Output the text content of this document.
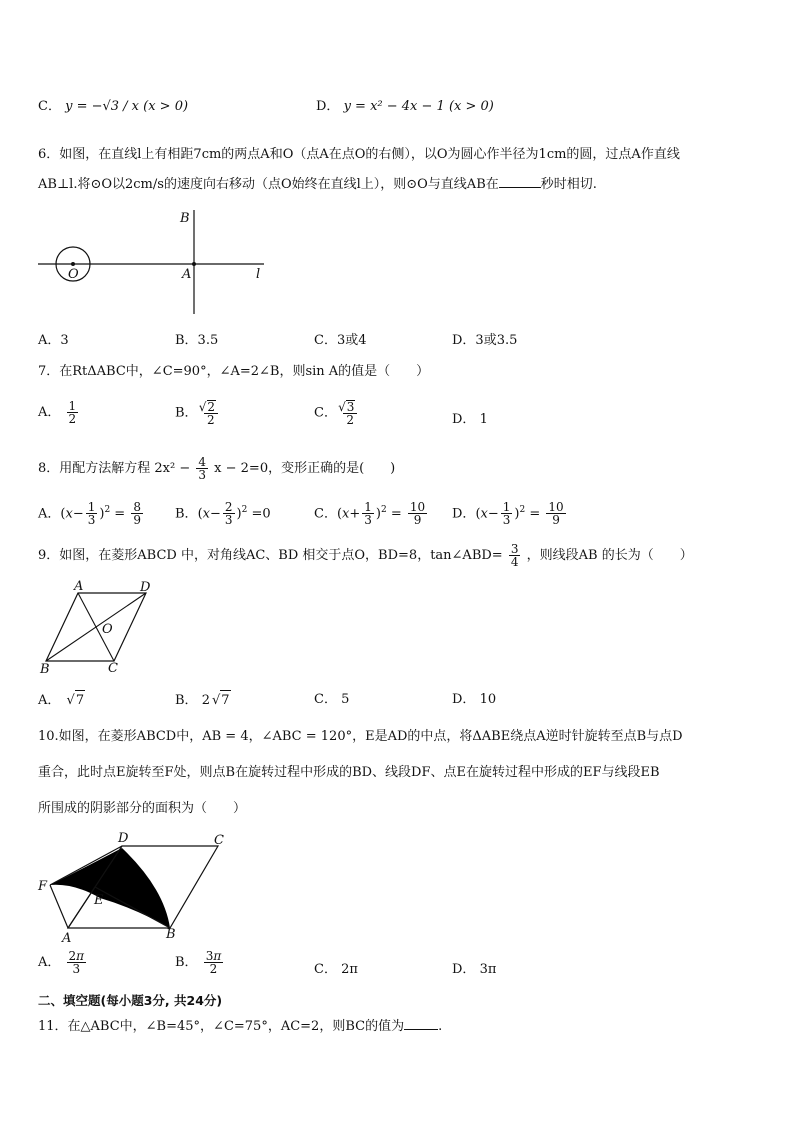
C． y = −√3 / x (x > 0)	D． y = x² − 4x − 1 (x > 0)
6．如图，在直线l上有相距7cm的两点A和O（点A在点O的右侧），以O为圆心作半径为1cm的圆，过点A作直线
AB⊥l.将⊙O以2cm/s的速度向右移动（点O始终在直线l上），则⊙O与直线AB在	秒时相切.
B
O	A	l
A．3	B．3.5	C．3或4	D．3或3.5
7．在RtΔABC中，∠C=90°，∠A=2∠B，则sin A的值是（　　）
A． $\frac{1}{2}$	B． √ $\frac{2}{2}$	C． √ $\frac{3}{2}$	D． 1
8．用配方法解方程 $2x^2 - \frac{4}{3}$ x − 2=0，变形正确的是(　　)
A．$(x- \frac{1}{3} )^2 = \frac{8}{9}$ B．$(x- \frac{2}{3} )^2 =0$	C．$(x+ \frac{1}{3} )^2 = \frac{10}{9}$ D．$(x- \frac{1}{3} )^2 = \frac{10}{9}$
9．如图，在菱形ABCD 中，对角线AC、BD 相交于点O，BD=8，tan∠ABD= $\frac{3}{4}$ ，则线段AB 的长为（　　）
A	D
O
B	C
A． √ 7	B． 2 √ 7	C． 5	D． 10
10.如图，在菱形ABCD中，AB = 4，∠ABC = 120°，E是AD的中点，将ΔABE绕点A逆时针旋转至点B与点D
重合，此时点E旋转至F处，则点B在旋转过程中形成的BD、线段DF、点E在旋转过程中形成的EF与线段EB
所围成的阴影部分的面积为（　　）
D	C
F
E
A	B
A． $\frac{2\pi}{3}$	B． $\frac{3\pi}{2}$	C． 2π	D． 3π
二、填空题(每小题3分, 共24分)
11．在△ABC中，∠B=45°，∠C=75°，AC=2，则BC的值为	.
